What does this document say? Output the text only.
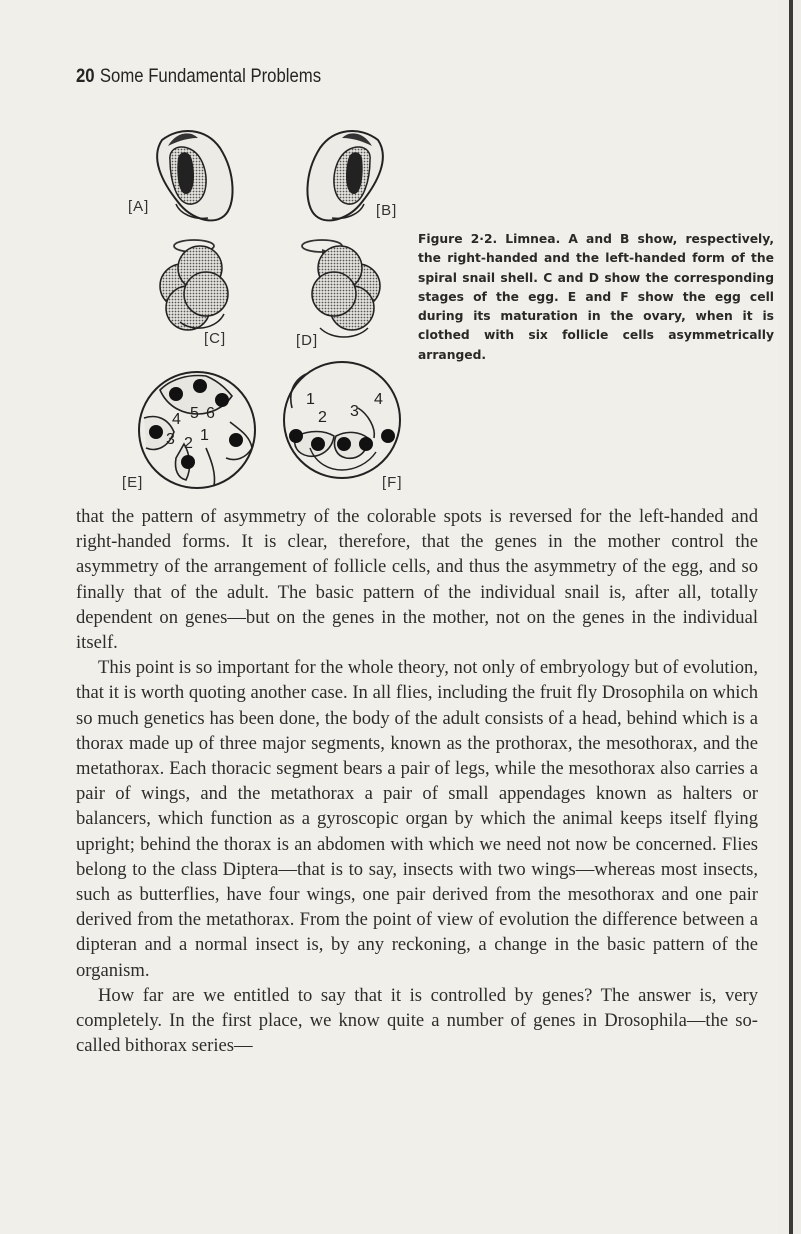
20 Some Fundamental Problems
4 5 6
3 2 1
1
2 3
4
[A]	[B]
[C]	[D]
[E]	[F]
Figure 2·2. Limnea. A and B show, respectively, the right-handed and the left-handed form of the spiral snail shell. C and D show the corresponding stages of the egg. E and F show the egg cell during its maturation in the ovary, when it is clothed with six follicle cells asymmetrically arranged.

that the pattern of asymmetry of the colorable spots is reversed for the left-handed and right-handed forms. It is clear, therefore, that the genes in the mother control the asymmetry of the arrangement of follicle cells, and thus the asymmetry of the egg, and so finally that of the adult. The basic pattern of the individual snail is, after all, totally dependent on genes—but on the genes in the mother, not on the genes in the individual itself.

This point is so important for the whole theory, not only of embryology but of evolution, that it is worth quoting another case. In all flies, including the fruit fly Drosophila on which so much genetics has been done, the body of the adult consists of a head, behind which is a thorax made up of three major segments, known as the prothorax, the mesothorax, and the metathorax. Each thoracic segment bears a pair of legs, while the mesothorax also carries a pair of wings, and the metathorax a pair of small appendages known as halters or balancers, which function as a gyroscopic organ by which the animal keeps itself flying upright; behind the thorax is an abdomen with which we need not now be concerned. Flies belong to the class Diptera—that is to say, insects with two wings—whereas most insects, such as butterflies, have four wings, one pair derived from the mesothorax and one pair derived from the metathorax. From the point of view of evolution the difference between a dipteran and a normal insect is, by any reckoning, a change in the basic pattern of the organism.

How far are we entitled to say that it is controlled by genes? The answer is, very completely. In the first place, we know quite a number of genes in Drosophila—the so-called bithorax series—
